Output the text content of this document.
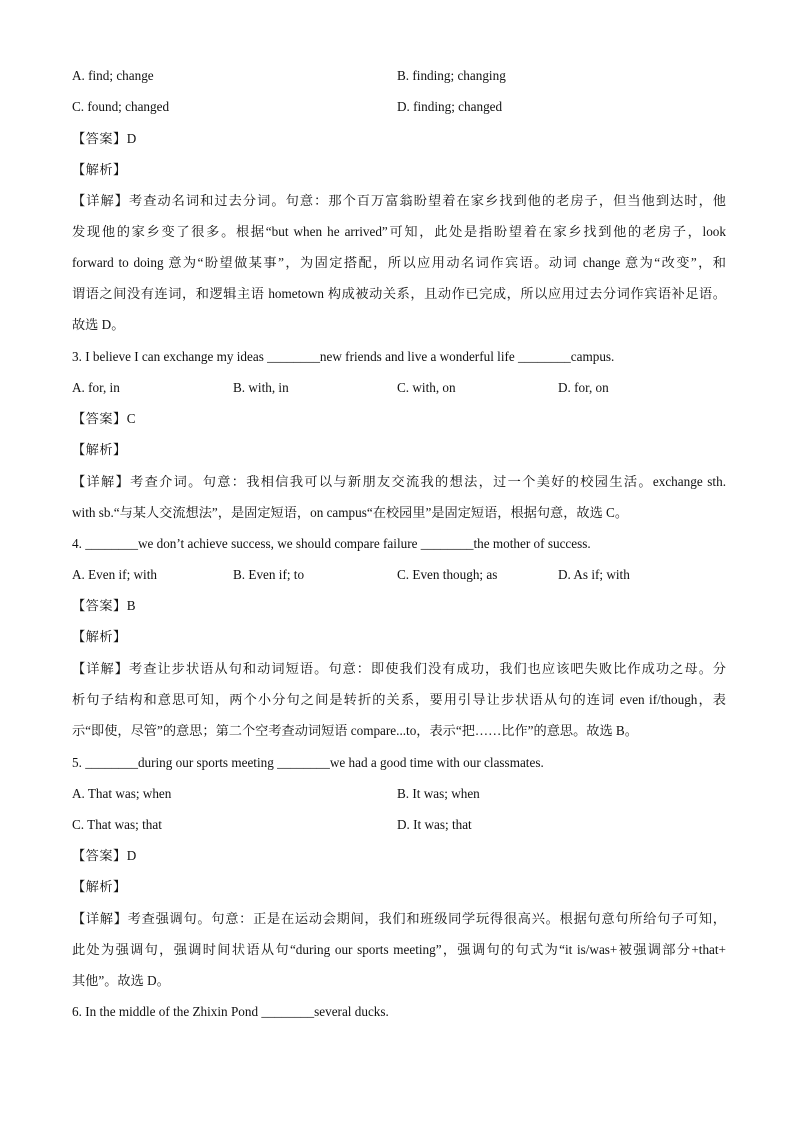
A. find; change	B. finding; changing
C. found; changed	D. finding; changed
【答案】D
【解析】
【详解】考查动名词和过去分词。句意：那个百万富翁盼望着在家乡找到他的老房子，但当他到达时，他
发现他的家乡变了很多。根据“but when he arrived”可知，此处是指盼望着在家乡找到他的老房子，look
forward to doing 意为“盼望做某事”，为固定搭配，所以应用动名词作宾语。动词 change 意为“改变”，和
谓语之间没有连词，和逻辑主语 hometown 构成被动关系，且动作已完成，所以应用过去分词作宾语补足语。
故选 D。
3. I believe I can exchange my ideas ________new friends and live a wonderful life ________campus.
A. for, in	B. with, in	C. with, on	D. for, on
【答案】C
【解析】
【详解】考查介词。句意：我相信我可以与新朋友交流我的想法，过一个美好的校园生活。exchange sth.
with sb.“与某人交流想法”，是固定短语，on campus“在校园里”是固定短语，根据句意，故选 C。
4. ________we don’t achieve success, we should compare failure ________the mother of success.
A. Even if; with	B. Even if; to	C. Even though; as	D. As if; with
【答案】B
【解析】
【详解】考查让步状语从句和动词短语。句意：即使我们没有成功，我们也应该吧失败比作成功之母。分
析句子结构和意思可知，两个小分句之间是转折的关系，要用引导让步状语从句的连词 even if/though，表
示“即使，尽管”的意思；第二个空考查动词短语 compare...to，表示“把……比作”的意思。故选 B。
5. ________during our sports meeting ________we had a good time with our classmates.
A. That was; when	B. It was; when
C. That was; that	D. It was; that
【答案】D
【解析】
【详解】考查强调句。句意：正是在运动会期间，我们和班级同学玩得很高兴。根据句意句所给句子可知，
此处为强调句，强调时间状语从句“during our sports meeting”，强调句的句式为“it is/was+被强调部分+that+
其他”。故选 D。
6. In the middle of the Zhixin Pond ________several ducks.
